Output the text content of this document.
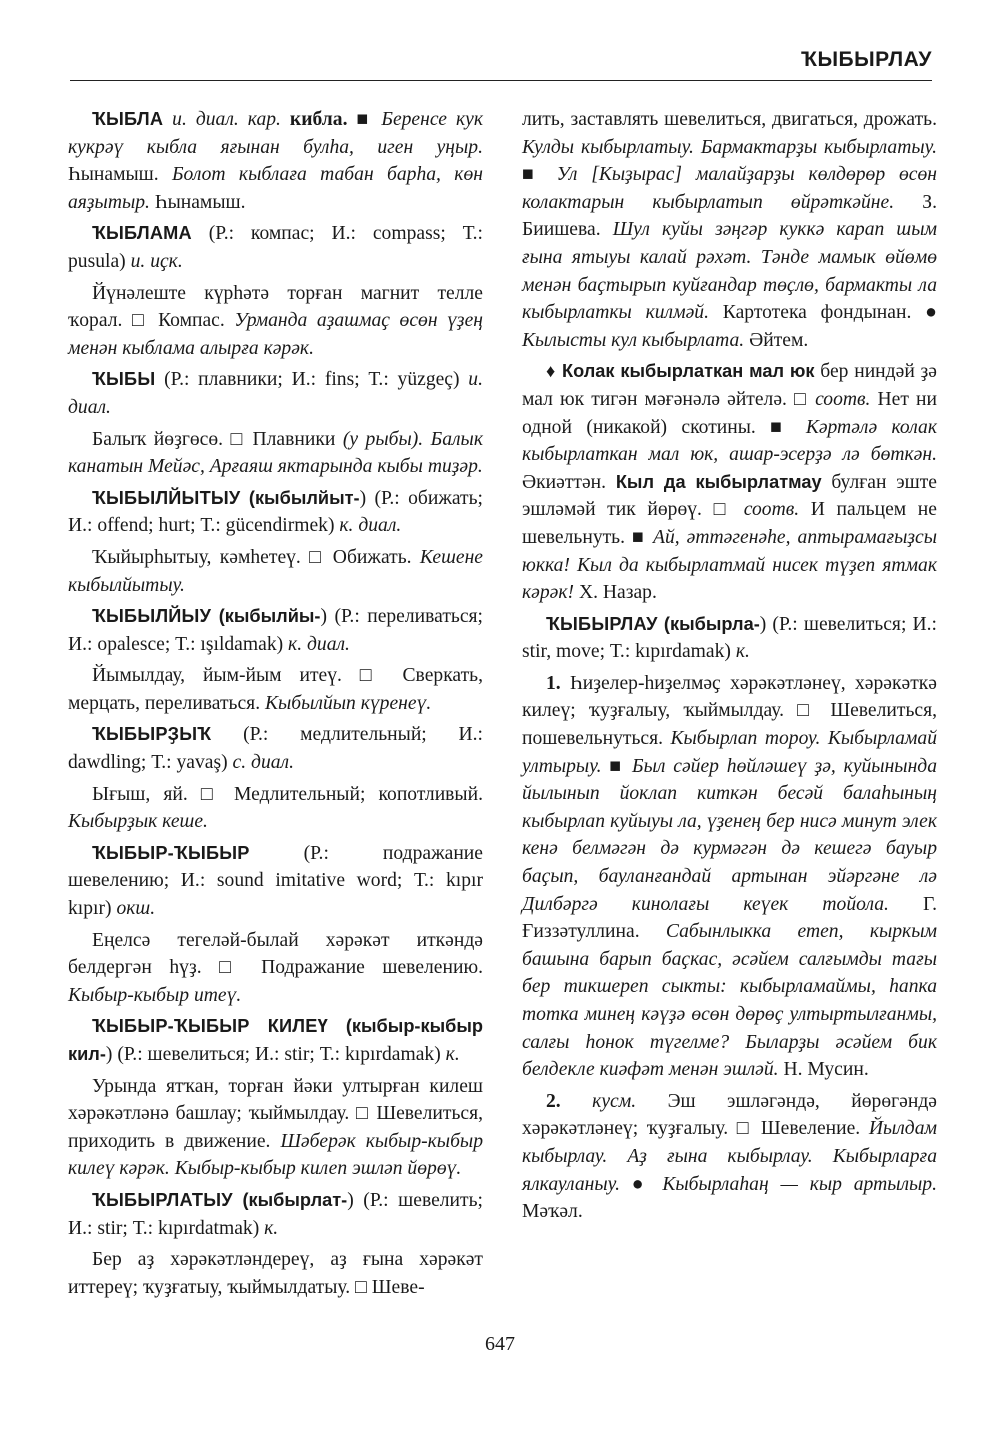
ҠЫБЫРЛАУ

ҠЫБЛА и. диал. кар. кибла. ■ Беренсе кук кукрәү кыбла яғынан булһа, иген уңыр. Һынамыш. Болот кыблаға табан барһа, көн аяҙытыр. Һынамыш.

ҠЫБЛАМА (Р.: компас; И.: compass; Т.: pusula) и. иҫк.

Йүнәлеште күрһәтә торған магнит телле ҡорал. □ Компас. Урманда аҙашмаҫ өсөн үҙең менән кыблама алырға кәрәк.

ҠЫБЫ (Р.: плавники; И.: fins; Т.: yüzgeç) и. диал.

Балыҡ йөҙгөсө. □ Плавники (у рыбы). Балык канатын Мейәс, Арғаяш яктарында кыбы тиҙәр.

ҠЫБЫЛЙЫТЫУ (кыбылйыт-) (Р.: обижать; И.: offend; hurt; Т.: gücendirmek) к. диал.

Ҡыйырһытыу, кәмһетеү. □ Обижать. Кешене кыбылйытыу.

ҠЫБЫЛЙЫУ (кыбылйы-) (Р.: переливаться; И.: opalesce; Т.: ışıldamak) к. диал.

Йымылдау, йым-йым итеү. □ Сверкать, мерцать, переливаться. Кыбылйып күренеү.

ҠЫБЫРҘЫҠ (Р.: медлительный; И.: dawdling; Т.: yavaş) с. диал.

Ығыш, яй. □ Медлительный; копотливый. Кыбырҙык кеше.

ҠЫБЫР-ҠЫБЫР (Р.: подражание шевелению; И.: sound imitative word; Т.: kıpır kıpır) окш.

Еңелсә тегеләй-былай хәрәкәт иткәндә белдергән һүҙ. □ Подражание шевелению. Кыбыр-кыбыр итеү.

ҠЫБЫР-ҠЫБЫР КИЛЕҮ (кыбыр-кыбыр кил-) (Р.: шевелиться; И.: stir; Т.: kıpırdamak) к.

Урында ятҡан, торған йәки ултырған килеш хәрәкәтләнә башлау; ҡыймылдау. □ Шевелиться, приходить в движение. Шәберәк кыбыр-кыбыр килеү кәрәк. Кыбыр-кыбыр килеп эшләп йөрөү.

ҠЫБЫРЛАТЫУ (кыбырлат-) (Р.: шевелить; И.: stir; Т.: kıpırdatmak) к.

Бер аҙ хәрәкәтләндереү, аҙ ғына хәрәкәт иттереү; ҡуҙғатыу, ҡыймылдатыу. □ Шеве-

лить, заставлять шевелиться, двигаться, дрожать. Кулды кыбырлатыу. Бармактарҙы кыбырлатыу. ■ Ул [Кыҙырас] малайҙарҙы көлдөрөр өсөн колактарын кыбырлатып өйрәткәйне. З. Биишева. Шул куйы зәңгәр куккә карап шым ғына ятыуы калай рәхәт. Тәнде мамык өйөмө менән баҫтырып куйғандар төҫлө, бармакты ла кыбырлаткы килмәй. Картотека фондынан. ● Кылысты кул кыбырлата. Әйтем.

♦ Колак кыбырлаткан мал юк бер ниндәй ҙә мал юк тигән мәғәнәлә әйтелә. □ соотв. Нет ни одной (никакой) скотины. ■ Кәртәлә колак кыбырлаткан мал юк, ашар-эсерҙә лә бөткән. Әкиәттән. Кыл да кыбырлатмау булған эште эшләмәй тик йөрөү. □ соотв. И пальцем не шевельнуть. ■ Ай, әттәгенәһе, аптырамағыҙсы юкка! Кыл да кыбырлатмай нисек түҙеп ятмак кәрәк! Х. Назар.

ҠЫБЫРЛАУ (кыбырла-) (Р.: шевелиться; И.: stir, move; Т.: kıpırdamak) к.

1. Һиҙелер-һиҙелмәҫ хәрәкәтләнеү, хәрәкәткә килеү; ҡуҙғалыу, ҡыймылдау. □ Шевелиться, пошевельнуться. Кыбырлап тороу. Кыбырламай ултырыу. ■ Был сәйер һөйләшеү ҙә, куйынында йылынып йоклап киткән бесәй балаһының кыбырлап куйыуы ла, үҙенең бер нисә минут элек кенә белмәгән дә курмәгән дә кешегә бауыр баҫып, бауланғандай артынан эйәргәне лә Дилбәргә кинолағы кеүек тойола. Г. Ғиззәтуллина. Сабынлыкка етеп, кыркым башына барып баҫкас, әсәйем салғымды тағы бер тикшереп сыкты: кыбырламаймы, һапка тотка минең кәүҙә өсөн дөрөҫ ултыртылғанмы, салғы һонок түгелме? Быларҙы әсәйем бик белдекле киәфәт менән эшләй. Н. Мусин.

2. кусм. Эш эшләгәндә, йөрөгәндә хәрәкәтләнеү; ҡуҙғалыу. □ Шевеление. Йылдам кыбырлау. Аҙ ғына кыбырлау. Кыбырларға ялкауланыу. ● Кыбырлаһаң — кыр артылыр. Мәҡәл.

647
